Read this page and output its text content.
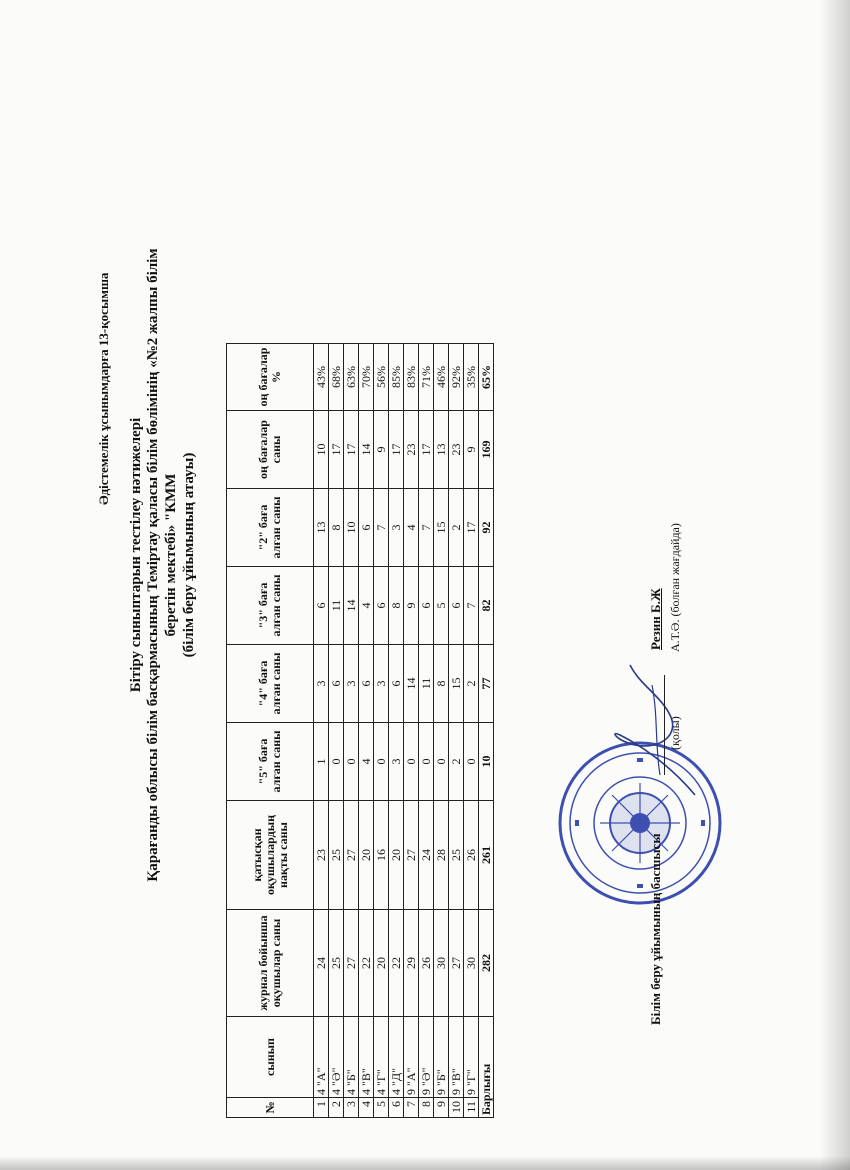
Әдістемелік ұсынымдарға 13-қосымша
Бітіру сыныптарын тестілеу нәтижелері Қарағанды облысы білім басқармасының Теміртау қаласы білім бөлімінің «№2 жалпы білім беретін мектебі» "КММ (білім беру ұйымының атауы)
№	сынып	журнал бойынша оқушылар саны	қатысқан оқушылардың нақты саны	"5" баға алған саны	"4" баға алған саны	"3" баға алған саны	"2" баға алған саны	оң бағалар саны	оң бағалар %
1	4 "А"	24	23	1	3	6	13	10	43%
2	4 "Ә"	25	25	0	6	11	8	17	68%
3	4 "Б"	27	27	0	3	14	10	17	63%
4	4 "В"	22	20	4	6	4	6	14	70%
5	4 "Г"	20	16	0	3	6	7	9	56%
6	4 "Д"	22	20	3	6	8	3	17	85%
7	9 "А"	29	27	0	14	9	4	23	83%
8	9 "Ә"	26	24	0	11	6	7	17	71%
9	9 "Б"	30	28	0	8	5	15	13	46%
10	9 "В"	27	25	2	15	6	2	23	92%
11	9 "Г"	30	26	0	2	7	17	9	35%
Барлығы		282	261	10	77	82	92	169	65%
Білім беру ұйымының басшысы
Резин Б.Ж
(қолы)
А.Т.Ә. (болған жағдайда)
